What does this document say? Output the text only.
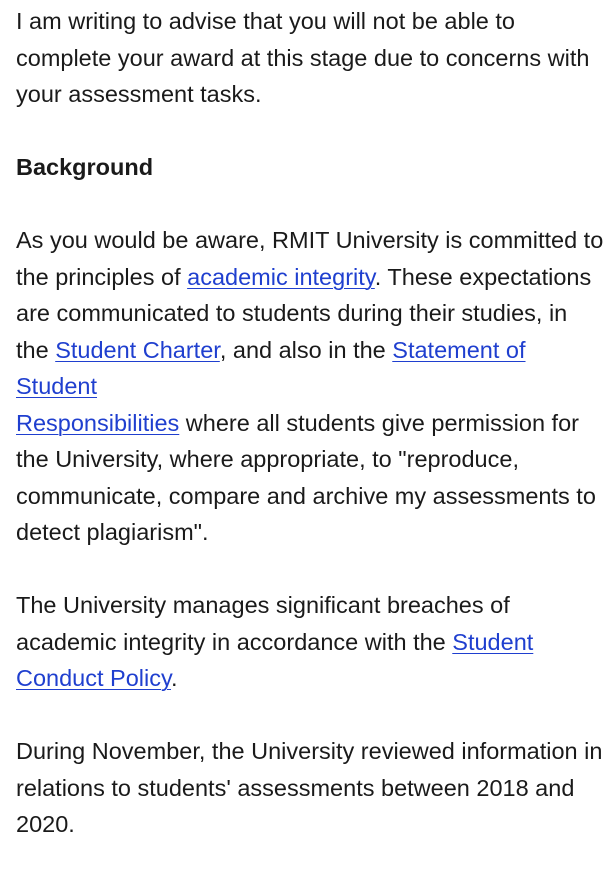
I am writing to advise that you will not be able to complete your award at this stage due to concerns with your assessment tasks.

Background

As you would be aware, RMIT University is committed to the principles of academic integrity. These expectations are communicated to students during their studies, in the Student Charter, and also in the Statement of Student
Responsibilities where all students give permission for the University, where appropriate, to "reproduce, communicate, compare and archive my assessments to detect plagiarism".

The University manages significant breaches of academic integrity in accordance with the Student
Conduct Policy.

During November, the University reviewed information in relations to students' assessments between 2018 and 2020.
